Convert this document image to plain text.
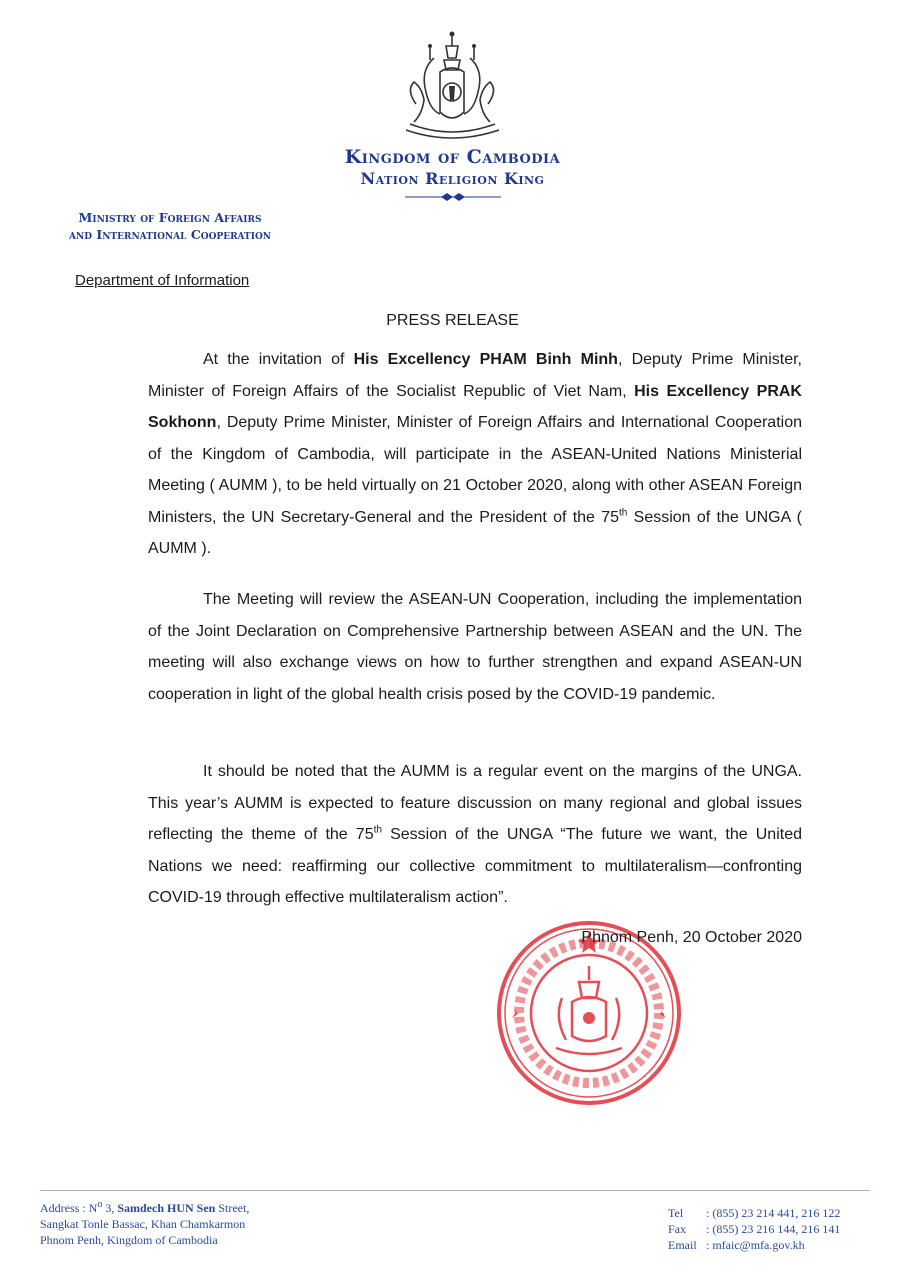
Kingdom of Cambodia
Nation Religion King
Ministry of Foreign Affairs
and International Cooperation
Department of Information
PRESS RELEASE

At the invitation of His Excellency PHAM Binh Minh, Deputy Prime Minister, Minister of Foreign Affairs of the Socialist Republic of Viet Nam, His Excellency PRAK Sokhonn, Deputy Prime Minister, Minister of Foreign Affairs and International Cooperation of the Kingdom of Cambodia, will participate in the ASEAN-United Nations Ministerial Meeting ( AUMM ), to be held virtually on 21 October 2020, along with other ASEAN Foreign Ministers, the UN Secretary-General and the President of the 75th Session of the UNGA ( AUMM ).

The Meeting will review the ASEAN-UN Cooperation, including the implementation of the Joint Declaration on Comprehensive Partnership between ASEAN and the UN. The meeting will also exchange views on how to further strengthen and expand ASEAN-UN cooperation in light of the global health crisis posed by the COVID-19 pandemic.

It should be noted that the AUMM is a regular event on the margins of the UNGA. This year’s AUMM is expected to feature discussion on many regional and global issues reflecting the theme of the 75th Session of the UNGA “The future we want, the United Nations we need: reaffirming our collective commitment to multilateralism—confronting COVID-19 through effective multilateralism action”.

Phnom Penh, 20 October 2020
Address : $N^o$ 3, Samdech HUN Sen Street,
Sangkat Tonle Bassac, Khan Chamkarmon
Phnom Penh, Kingdom of Cambodia
Tel : (855) 23 214 441, 216 122
Fax : (855) 23 216 144, 216 141
Email : mfaic@mfa.gov.kh
